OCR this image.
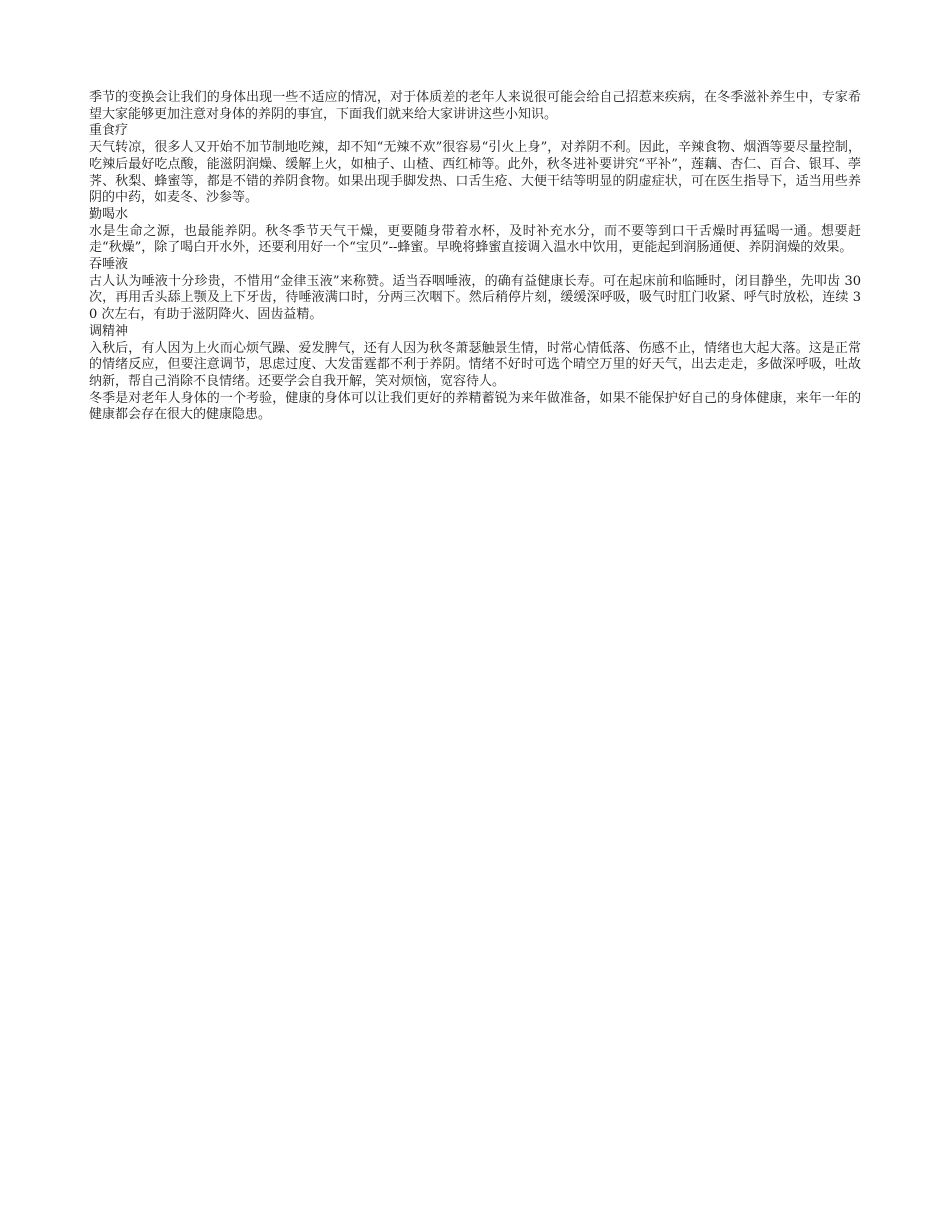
季节的变换会让我们的身体出现一些不适应的情况，对于体质差的老年人来说很可能会给自己招惹来疾病，在冬季滋补养生中，专家希望大家能够更加注意对身体的养阴的事宜，下面我们就来给大家讲讲这些小知识。

重食疗

天气转凉，很多人又开始不加节制地吃辣，却不知“无辣不欢”很容易“引火上身”，对养阴不利。因此，辛辣食物、烟酒等要尽量控制，吃辣后最好吃点酸，能滋阴润燥、缓解上火，如柚子、山楂、西红柿等。此外，秋冬进补要讲究“平补”，莲藕、杏仁、百合、银耳、荸荠、秋梨、蜂蜜等，都是不错的养阴食物。如果出现手脚发热、口舌生疮、大便干结等明显的阴虚症状，可在医生指导下，适当用些养阴的中药，如麦冬、沙参等。

勤喝水

水是生命之源，也最能养阴。秋冬季节天气干燥，更要随身带着水杯，及时补充水分，而不要等到口干舌燥时再猛喝一通。想要赶走“秋燥”，除了喝白开水外，还要利用好一个“宝贝”--蜂蜜。早晚将蜂蜜直接调入温水中饮用，更能起到润肠通便、养阴润燥的效果。

吞唾液

古人认为唾液十分珍贵，不惜用“金律玉液”来称赞。适当吞咽唾液，的确有益健康长寿。可在起床前和临睡时，闭目静坐，先叩齿 30 次，再用舌头舔上颚及上下牙齿，待唾液满口时，分两三次咽下。然后稍停片刻，缓缓深呼吸，吸气时肛门收紧、呼气时放松，连续 30 次左右，有助于滋阴降火、固齿益精。

调精神

入秋后，有人因为上火而心烦气躁、爱发脾气，还有人因为秋冬萧瑟触景生情，时常心情低落、伤感不止，情绪也大起大落。这是正常的情绪反应，但要注意调节，思虑过度、大发雷霆都不利于养阴。情绪不好时可选个晴空万里的好天气，出去走走，多做深呼吸，吐故纳新，帮自己消除不良情绪。还要学会自我开解，笑对烦恼，宽容待人。

冬季是对老年人身体的一个考验，健康的身体可以让我们更好的养精蓄锐为来年做准备，如果不能保护好自己的身体健康，来年一年的健康都会存在很大的健康隐患。
